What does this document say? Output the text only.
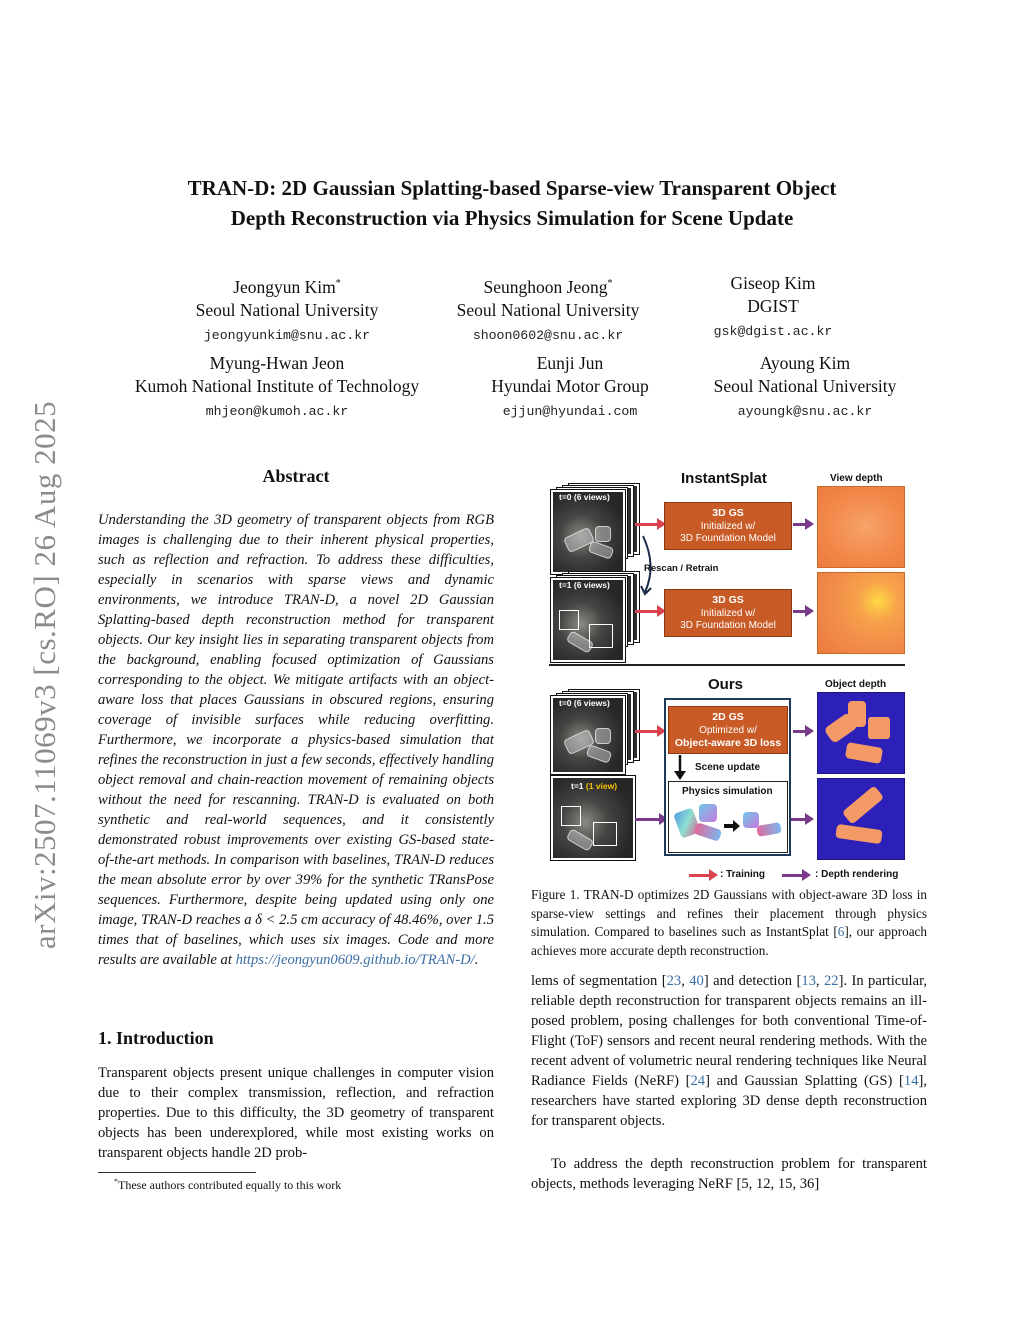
arXiv:2507.11069v3 [cs.RO] 26 Aug 2025
TRAN-D: 2D Gaussian Splatting-based Sparse-view Transparent Object
Depth Reconstruction via Physics Simulation for Scene Update
Jeongyun Kim*
Seoul National University
jeongyunkim@snu.ac.kr
Seunghoon Jeong*
Seoul National University
shoon0602@snu.ac.kr
Giseop Kim
DGIST
gsk@dgist.ac.kr
Myung-Hwan Jeon
Kumoh National Institute of Technology
mhjeon@kumoh.ac.kr
Eunji Jun
Hyundai Motor Group
ejjun@hyundai.com
Ayoung Kim
Seoul National University
ayoungk@snu.ac.kr
Abstract

Understanding the 3D geometry of transparent objects from RGB images is challenging due to their inherent physical properties, such as reflection and refraction. To address these difficulties, especially in scenarios with sparse views and dynamic environments, we introduce TRAN-D, a novel 2D Gaussian Splatting-based depth reconstruction method for transparent objects. Our key insight lies in separating transparent objects from the background, enabling focused optimization of Gaussians corresponding to the object. We mitigate artifacts with an object-aware loss that places Gaussians in obscured regions, ensuring coverage of invisible surfaces while reducing overfitting. Furthermore, we incorporate a physics-based simulation that refines the reconstruction in just a few seconds, effectively handling object removal and chain-reaction movement of remaining objects without the need for rescanning. TRAN-D is evaluated on both synthetic and real-world sequences, and it consistently demonstrated robust improvements over existing GS-based state-of-the-art methods. In comparison with baselines, TRAN-D reduces the mean absolute error by over 39% for the synthetic TRansPose sequences. Furthermore, despite being updated using only one image, TRAN-D reaches a δ < 2.5 cm accuracy of 48.46%, over 1.5 times that of baselines, which uses six images. Code and more results are available at https://jeongyun0609.github.io/TRAN-D/.

1. Introduction

Transparent objects present unique challenges in computer vision due to their complex transmission, reflection, and refraction properties. Due to this difficulty, the 3D geometry of transparent objects has been underexplored, while most existing works on transparent objects handle 2D prob-

*These authors contributed equally to this work
InstantSplat	View depth
t=0 (6 views)
t=1 (6 views)
Rescan / Retrain
3D GS
Initialized w/
3D Foundation Model
3D GS
Initialized w/
3D Foundation Model
Ours	Object depth
t=0 (6 views)
t=1 (1 view)
2D GS
Optimized w/
Object-aware 3D loss
Scene update
Physics simulation
: Training	: Depth rendering

Figure 1. TRAN-D optimizes 2D Gaussians with object-aware 3D loss in sparse-view settings and refines their placement through physics simulation. Compared to baselines such as InstantSplat [6], our approach achieves more accurate depth reconstruction.

lems of segmentation [23, 40] and detection [13, 22]. In particular, reliable depth reconstruction for transparent objects remains an ill-posed problem, posing challenges for both conventional Time-of-Flight (ToF) sensors and recent neural rendering methods. With the recent advent of volumetric neural rendering techniques like Neural Radiance Fields (NeRF) [24] and Gaussian Splatting (GS) [14], researchers have started exploring 3D dense depth reconstruction for transparent objects.

To address the depth reconstruction problem for transparent objects, methods leveraging NeRF [5, 12, 15, 36]
